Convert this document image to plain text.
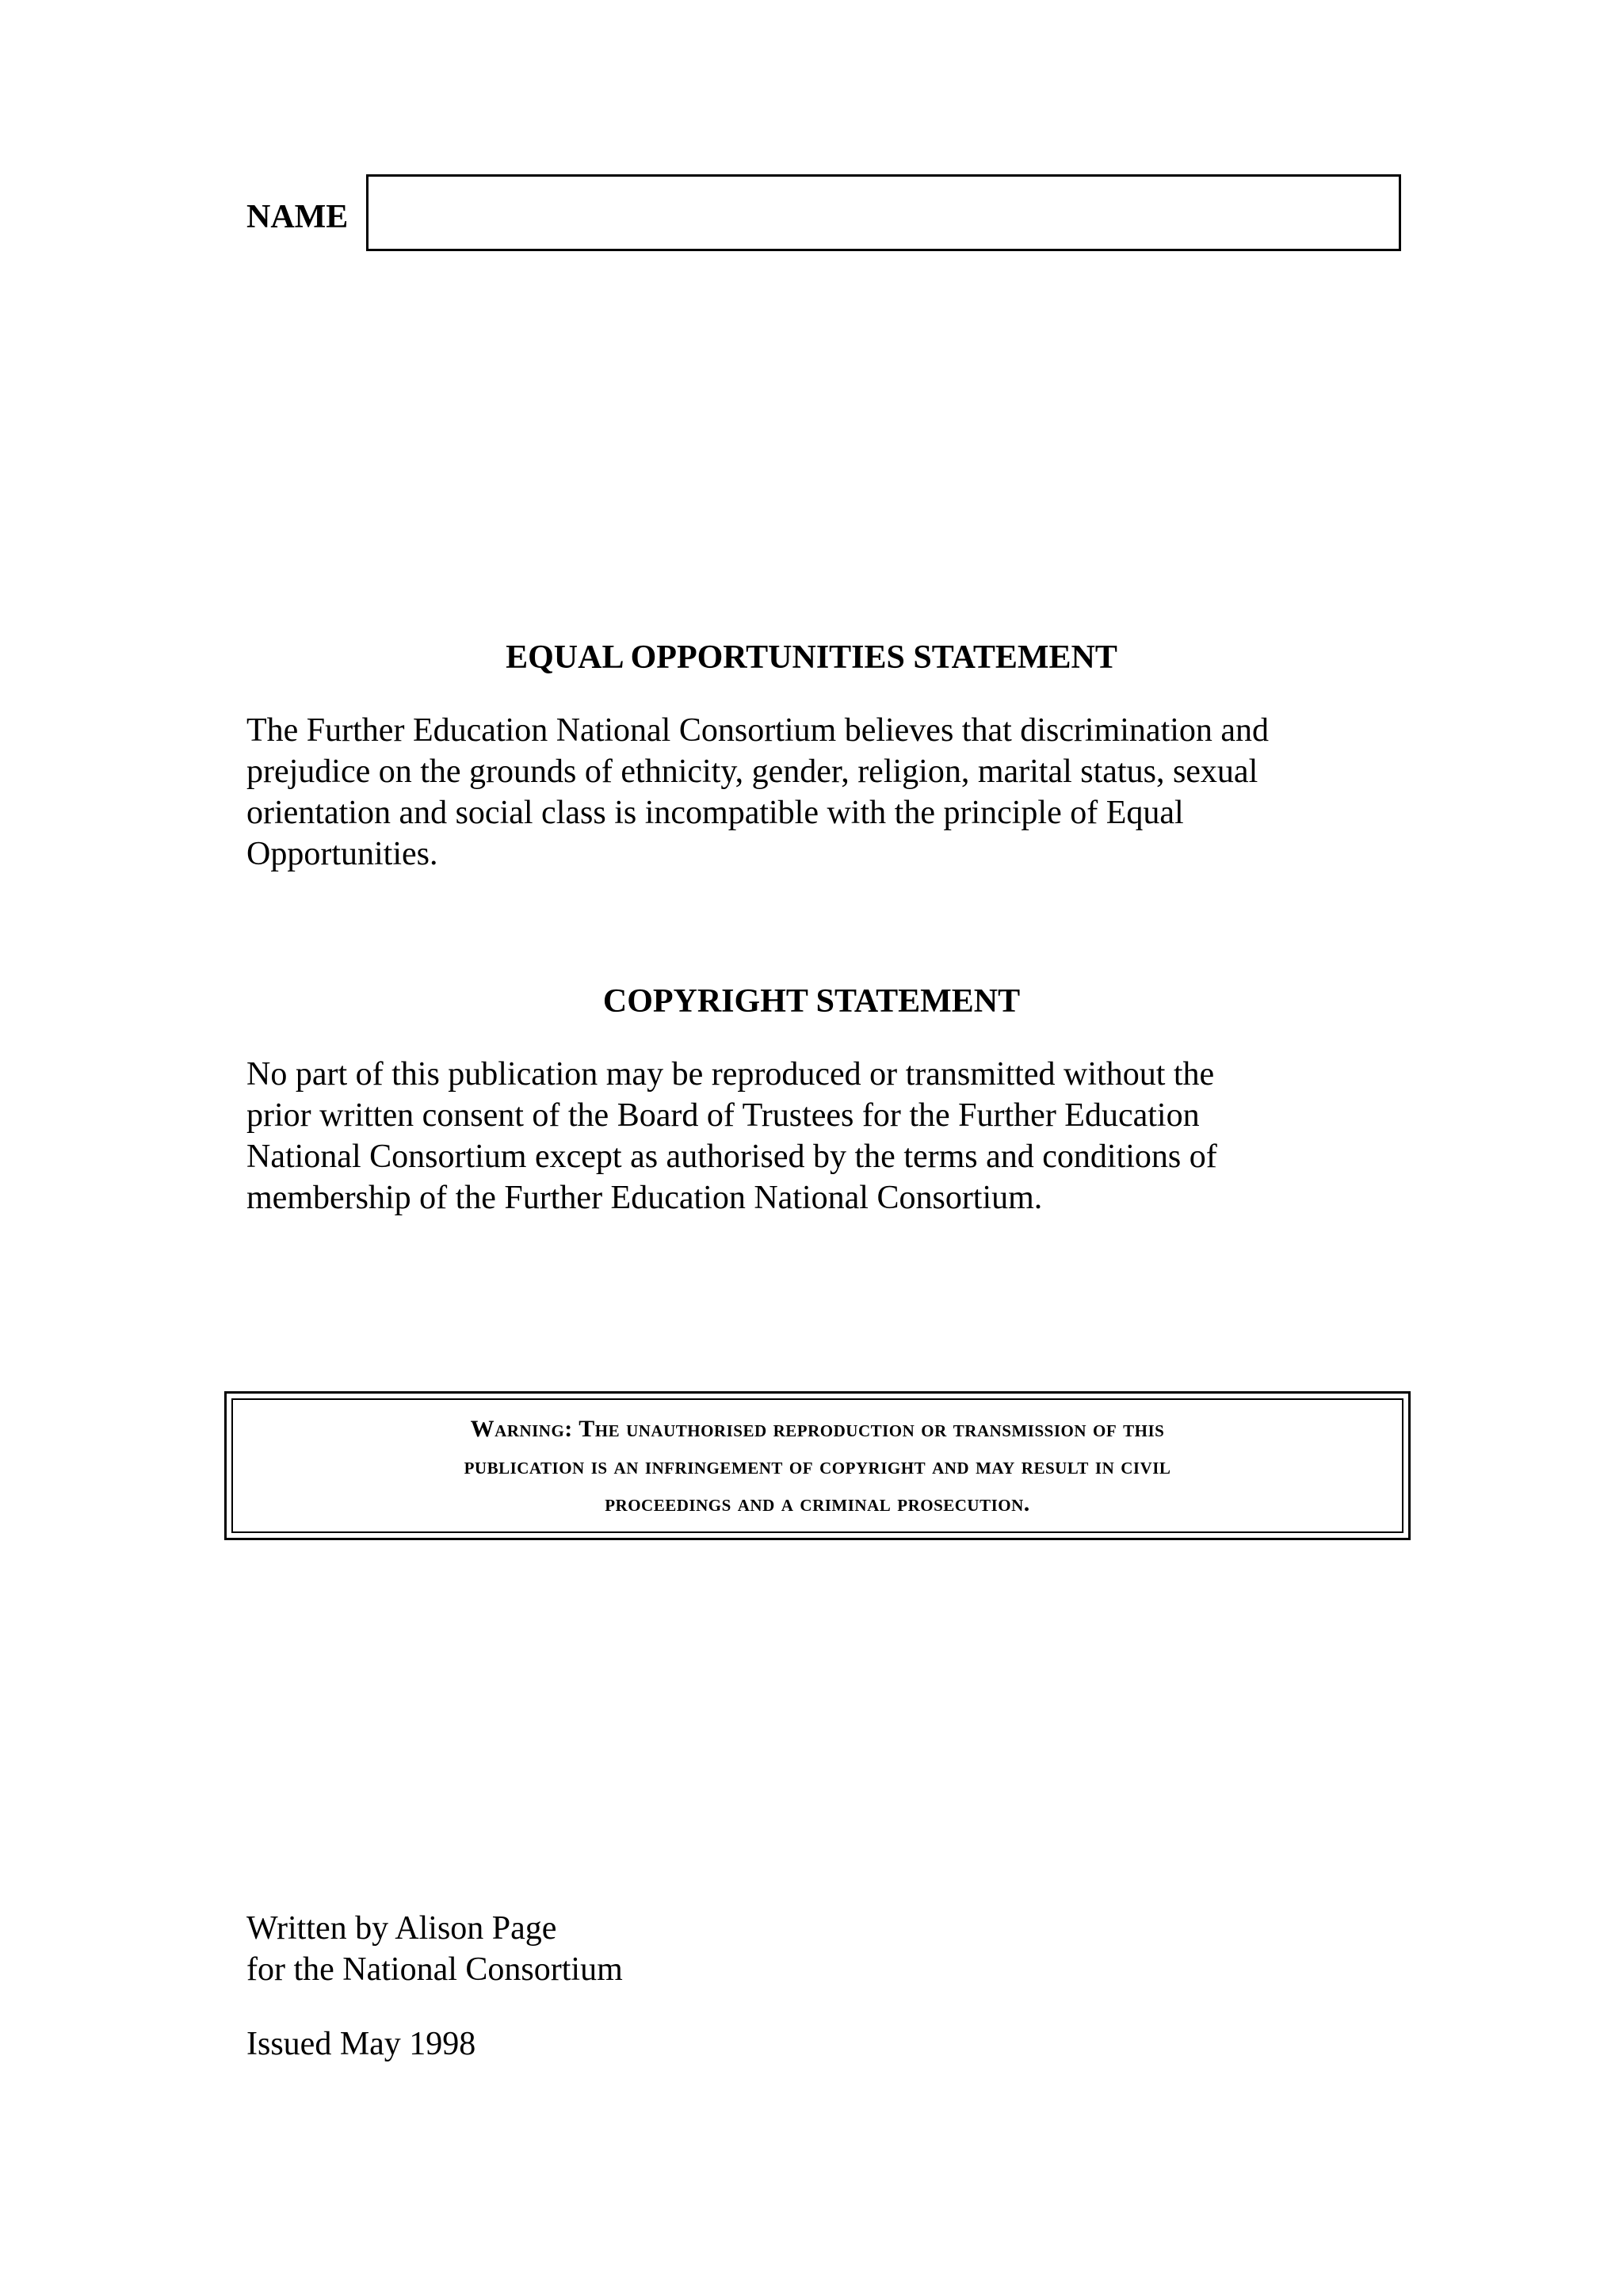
NAME
EQUAL OPPORTUNITIES STATEMENT

The Further Education National Consortium believes that discrimination and
prejudice on the grounds of ethnicity, gender, religion, marital status, sexual
orientation and social class is incompatible with the principle of Equal
Opportunities.

COPYRIGHT STATEMENT

No part of this publication may be reproduced or transmitted without the
prior written consent of the Board of Trustees for the Further Education
National Consortium except as authorised by the terms and conditions of
membership of the Further Education National Consortium.

Warning: The unauthorised reproduction or transmission of this
publication is an infringement of copyright and may result in civil
proceedings and a criminal prosecution.
Written by Alison Page
for the National Consortium
Issued May 1998
